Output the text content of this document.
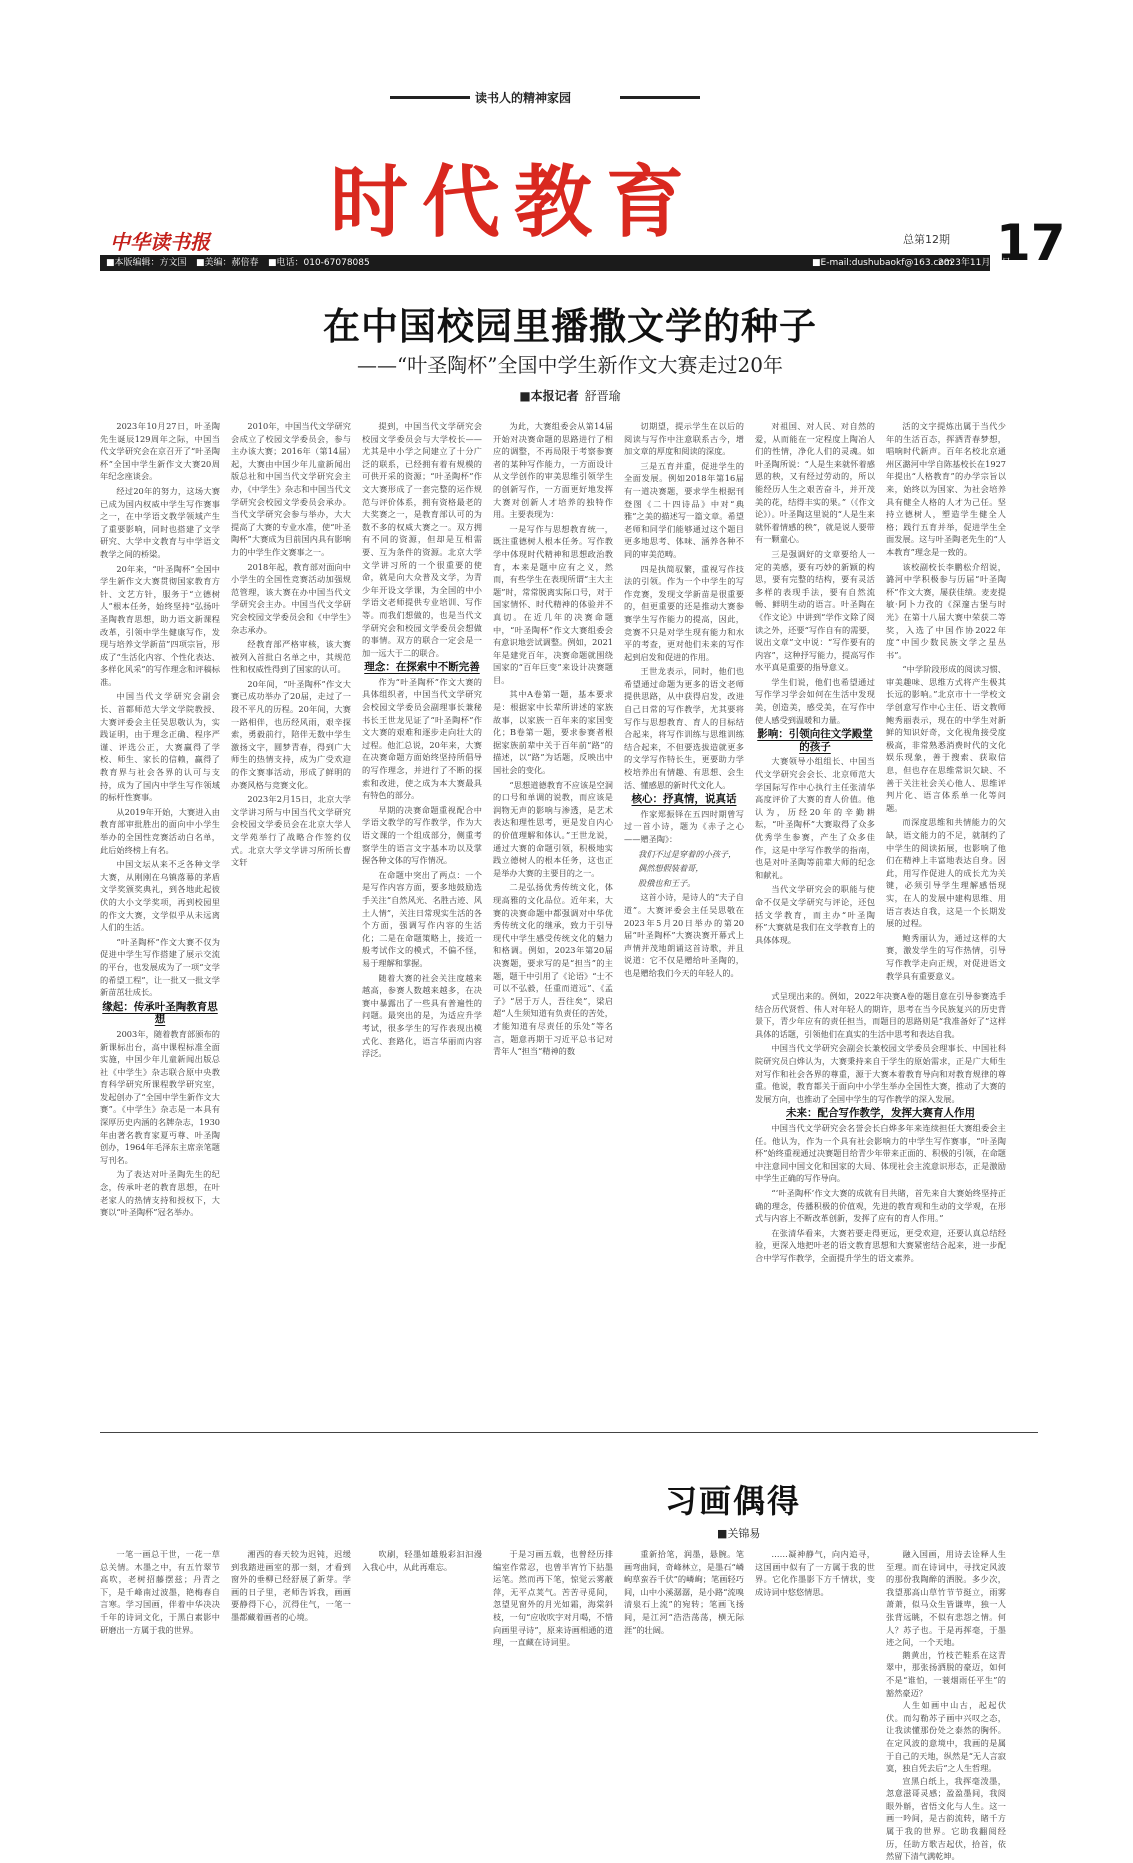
读书人的精神家园
时代教育
中华读书报	总第12期 17
■本版编辑：方文国 ■美编：郝倍春 ■电话：010-67078085	■E-mail:dushubaokf@163.com
2023年11月22日
在中国校园里播撒文学的种子
——“叶圣陶杯”全国中学生新作文大赛走过20年
■本报记者 舒晋瑜

2023年10月27日，叶圣陶先生诞辰129周年之际，中国当代文学研究会在京召开了“叶圣陶杯”全国中学生新作文大赛20周年纪念座谈会。

经过20年的努力，这场大赛已成为国内权威中学生写作赛事之一，在中学语文教学领域产生了重要影响，同时也搭建了文学研究、大学中文教育与中学语文教学之间的桥梁。

20年来，“叶圣陶杯”全国中学生新作文大赛贯彻国家教育方针、文艺方针，服务于“立德树人”根本任务，始终坚持“弘扬叶圣陶教育思想，助力语文新课程改革，引领中学生健康写作，发现与培养文学新苗”四项宗旨，形成了“生活化内容、个性化表达、多样化风采”的写作理念和评稿标准。

中国当代文学研究会副会长、首都师范大学文学院教授、大赛评委会主任吴思敬认为，实践证明，由于理念正确、程序严谨、评选公正，大赛赢得了学校、师生、家长的信赖，赢得了教育界与社会各界的认可与支持，成为了国内中学生写作领域的标杆性赛事。

从2019年开始，大赛进入由教育部审批胜出的面向中小学生举办的全国性竞赛活动白名单，此后始终榜上有名。

中国文坛从来不乏各种文学大赛，从刚刚在乌镇落幕的茅盾文学奖颁奖典礼，到各地此起彼伏的大小文学奖项，再到校园里的作文大赛，文学似乎从未远离人们的生活。

“叶圣陶杯”作文大赛不仅为促进中学生写作搭建了展示交流的平台，也发展成为了一项“文学的希望工程”，让一批又一批文学新苗茁壮成长。

缘起：传承叶圣陶教育思想

2003年，随着教育部颁布的新课标出台，高中课程标准全面实施，中国少年儿童新闻出版总社《中学生》杂志联合原中央教育科学研究所课程教学研究室，发起创办了“全国中学生新作文大赛”。《中学生》杂志是一本具有深厚历史内涵的名牌杂志，1930年由著名教育家夏丏尊、叶圣陶创办，1964年毛泽东主席亲笔题写刊名。

为了表达对叶圣陶先生的纪念，传承叶老的教育思想，在叶老家人的热情支持和授权下，大赛以“叶圣陶杯”冠名举办。

2010年，中国当代文学研究会成立了校园文学委员会，参与主办该大赛；2016年（第14届）起，大赛由中国少年儿童新闻出版总社和中国当代文学研究会主办，《中学生》杂志和中国当代文学研究会校园文学委员会承办。当代文学研究会参与举办，大大提高了大赛的专业水准，使“叶圣陶杯”大赛成为目前国内具有影响力的中学生作文赛事之一。

2018年起，教育部对面向中小学生的全国性竞赛活动加强规范管理，该大赛在办中国当代文学研究会主办。中国当代文学研究会校园文学委员会和《中学生》杂志承办。

经教育部严格审核，该大赛被列入首批白名单之中，其规范性和权威性得到了国家的认可。

20年间，“叶圣陶杯”作文大赛已成功举办了20届，走过了一段不平凡的历程。20年间，大赛一路相伴，也历经风雨，艰辛探索，勇毅前行，陪伴无数中学生激扬文字，圆梦青春，得到广大师生的热情支持，成为广受欢迎的作文赛事活动，形成了鲜明的办赛风格与竞赛文化。

2023年2月15日，北京大学文学讲习所与中国当代文学研究会校园文学委员会在北京大学人文学苑举行了战略合作签约仪式。北京大学文学讲习所所长曹文轩

提到，中国当代文学研究会校园文学委员会与大学校长——尤其是中小学之间建立了十分广泛的联系，已经拥有着有规模的可供开采的资源；“叶圣陶杯”作文大赛形成了一套完整的运作规范与评价体系，拥有资格最老的大奖赛之一，是教育部认可的为数不多的权威大赛之一。双方拥有不同的资源，但却是互相需要、互为条件的资源。北京大学文学讲习所的一个很重要的使命，就是向大众普及文学，为青少年开设文学课，为全国的中小学语文老师提供专业培训、写作等。而我们想做的，也是当代文学研究会和校园文学委员会想做的事情。双方的联合一定会是一加一远大于二的联合。

理念：在探索中不断完善

作为“叶圣陶杯”作文大赛的具体组织者，中国当代文学研究会校园文学委员会副理事长兼秘书长王世龙见证了“叶圣陶杯”作文大赛的艰难和逐步走向壮大的过程。他汇总说，20年来，大赛在决赛命题方面始终坚持所倡导的写作理念，并进行了不断的探索和改进，使之成为本大赛最具有特色的部分。

早期的决赛命题重视配合中学语文教学的写作教学，作为大语文课的一个组成部分，侧重考察学生的语言文字基本功以及掌握各种文体的写作情况。

在命题中突出了两点：一个是写作内容方面，要多地鼓励选手关注“自然风光、名胜古迹、风土人情”，关注日常现实生活的各个方面，强调写作内容的生活化；二是在命题策略上，接近一般考试作文的模式，不偏不怪，易于理解和掌握。

随着大赛的社会关注度越来越高，参赛人数越来越多，在决赛中暴露出了一些具有普遍性的问题。最突出的是，为适应升学考试，很多学生的写作表现出模式化、套路化，语言华丽而内容浮泛。

为此，大赛组委会从第14届开始对决赛命题的思路进行了相应的调整，不再局限于考察参赛者的某种写作能力，一方面设计从文学创作的审美思维引领学生的创新写作，一方面更好地发挥大赛对创新人才培养的独特作用。主要表现为：

一是写作与思想教育统一，既注重德树人根本任务。写作教学中体现时代精神和思想政治教育，本来是题中应有之义，然而，有些学生在表现所谓“主大主题”时，常常脱离实际口号，对于国家情怀、时代精神的体验并不真切。在近几年的决赛命题中，“叶圣陶杯”作文大赛组委会有意识地尝试调整。例如，2021年是建党百年，决赛命题就围绕国家的“百年巨变”来设计决赛题目。

其中A卷第一题，基本要求是：根据家中长辈所讲述的家族故事，以家族一百年来的家国变化；B卷第一题，要求参赛者根据家族前辈中关于百年前“路”的描述，以“路”为话题，反映出中国社会的变化。

“思想道德教育不应该是空洞的口号和单调的说教，而应该是润物无声的影响与渗透，是艺术表达和理性思考，更是发自内心的价值理解和体认。”王世龙说，通过大赛的命题引领，积极地实践立德树人的根本任务，这也正是举办大赛的主要目的之一。

二是弘扬优秀传统文化，体现高雅的文化品位。近年来，大赛的决赛命题中都强调对中华优秀传统文化的继承，致力于引导现代中学生感受传统文化的魅力和格调。例如，2023年第20届决赛题，要求写的是“担当”的主题，题干中引用了《论语》“士不可以不弘毅，任重而道远”、《孟子》“居于万人，吾往矣”，梁启超“人生须知道有负责任的苦处，才能知道有尽责任的乐处”等名言，题意再期于习近平总书记对青年人“担当”精神的数

切期望，提示学生在以后的阅读与写作中注意联系古今，增加文章的厚度和阅读的深度。

三是五育并重，促进学生的全面发展。例如2018年第16届有一道决赛题，要求学生根据刊登图《二十四诗品》中对“典雅”之美的描述写一篇文章。希望老师和同学们能够通过这个题目更多地思考、体味、涵养各种不同的审美范畴。

四是执简驭繁，重视写作技法的引领。作为一个中学生的写作竞赛，发现文学新苗是很重要的，但更重要的还是推动大赛参赛学生写作能力的提高，因此，竞赛不只是对学生现有能力和水平的考查，更对他们未来的写作起到启发和促进的作用。

王世龙表示，同时，他们也希望通过命题为更多的语文老师提供思路，从中获得启发，改进自己日常的写作教学，尤其要将写作与思想教育、育人的目标结合起来，将写作训练与思维训练结合起来，不但要选拔造就更多的文学写作特长生，更要助力学校培养出有情趣、有思想、会生活、懂感恩的新时代文化人。

核心：抒真情，说真话

作家郑振铎在五四时期曾写过一首小诗，题为《赤子之心——赠圣陶》：

我们不过是穿着的小孩子，

偶然想假装着哥，

股俄也和王子。

这首小诗，是诗人的“夫子自道”。大赛评委会主任吴思敬在2023年5月20日举办的第20届“叶圣陶杯”大赛决赛开幕式上声情并茂地朗诵这首诗歌，并且说道：它不仅是赠给叶圣陶的，也是赠给我们今天的年轻人的。

对祖国、对人民、对自然的爱，从而能在一定程度上陶冶人们的性情，净化人们的灵魂。如叶圣陶所说：“人是生来就怀着感恩的秧，又有经过劳动的，所以能经历人生之艰苦奋斗，并开茂美的花，结得丰实的果。”（《作文论》）。叶圣陶这里说的“人是生来就怀着情感的秧”，就是说人要带有一颗童心。

三是强调好的文章要给人一定的美感，要有巧妙的新颖的构思，要有完整的结构，要有灵活多样的表现手法，要有自然流畅、鲜明生动的语言。叶圣陶在《作文论》中讲到“学作文除了阅读之外，还要“写作自有的需要，说出文章”文中说：“写作要有的内容”，这种抒写能力，提高写作水平真是重要的指导意义。

学生们说，他们也希望通过写作学习学会如何在生活中发现美，创造美，感受美，在写作中使人感受到温暖和力量。

影响：引领向往文学殿堂的孩子

大赛领导小组组长、中国当代文学研究会会长、北京师范大学国际写作中心执行主任张清华高度评价了大赛的育人价值。他认为，历经20年的辛勤耕耘，“叶圣陶杯”大赛取得了众多优秀学生参赛，产生了众多佳作，这是中学写作教学的指南，也是对叶圣陶等前辈大师的纪念和献礼。

当代文学研究会的职能与使命不仅是文学研究与评论，还包括文学教育，而主办“叶圣陶杯”大赛就是我们在文学教育上的具体体现。

活的文字提炼出属于当代少年的生活百态，挥洒青春梦想，唱响时代新声。百年名校北京通州区潞河中学自陈基校长在1927年提出“人格教育”的办学宗旨以来，始终以为国家、为社会培养具有健全人格的人才为己任。坚持立德树人，塑造学生健全人格；践行五育并举，促进学生全面发展。这与叶圣陶老先生的“人本教育”理念是一致的。

该校副校长李鹏松介绍说，潞河中学积极参与历届“叶圣陶杯”作文大赛，屡获佳绩。麦麦提敏·阿卜力孜的《深邃古堡与时光》在第十八届大赛中荣获二等奖，入选了中国作协2022年度“中国少数民族文学之星丛书”。

“中学阶段形成的阅读习惯、审美趣味、思维方式将产生极其长远的影响。”北京市十一学校文学创意写作中心主任、语文教师鲍秀丽表示，现在的中学生对新鲜的知识好奇，文化视角接受度极高，非常熟悉消费时代的文化娱乐现象，善于搜索、获取信息，但也存在思维常识欠缺、不善于关注社会关心他人、思维评判片化、语言体系单一化等问题。

而深度思维和共情能力的欠缺，语文能力的不足，就制约了中学生的阅读拓展，也影响了他们在精神上丰富地表达自身。因此，用写作促进人的成长尤为关键，必须引导学生理解感悟现实，在人的发展中建构思维、用语言表达自我，这是一个长期发展的过程。

鲍秀丽认为，通过这样的大赛，激发学生的写作热情，引导写作教学走向正规，对促进语文教学具有重要意义。

式呈现出来的。例如，2022年决赛A卷的题目意在引导参赛选手结合历代贤哲、伟人对年轻人的期许，思考在当今民族复兴的历史背景下，青少年应有的责任担当，而题目的思路则是“我准备好了”这样具体的话题，引领他们在真实的生活中思考和表达自我。

中国当代文学研究会副会长兼校园文学委员会理事长、中国社科院研究员白烨认为，大赛秉持来自于学生的原始需求，正是广大师生对写作和社会各界的尊重，源于大赛本着教育导向和对教育规律的尊重。他说，教育都关于面向中小学生举办全国性大赛，推动了大赛的发展方向，也推动了全国中学生的写作教学的深入发展。

未来：配合写作教学，发挥大赛育人作用

中国当代文学研究会名誉会长白烨多年来连续担任大赛组委会主任。他认为，作为一个具有社会影响力的中学生写作赛事，“叶圣陶杯”始终重视通过决赛题目给青少年带来正面的、积极的引领，在命题中注意同中国文化和国家的大局、体现社会主流意识形态，正是激励中学生正确的写作导向。

“‘叶圣陶杯’作文大赛的成就有目共睹，首先来自大赛始终坚持正确的理念，传播积极的价值观，先进的教育观和生动的文学观，在形式与内容上不断改革创新，发挥了应有的育人作用。”

在张清华看来，大赛若要走得更远，更受欢迎，还要认真总结经验，更深入地把叶老的语文教育思想和大赛紧密结合起来，进一步配合中学写作教学，全面提升学生的语文素养。

习画偶得
■关锦易

一笔一画总干世，一花一草总关情。木墨之中，有五竹翠节高吹，老树招藤摆兹；丹青之下，是千峰南过波墨，艳梅春自言寒。学习国画，伴着中华决决千年的诗词文化，于黑白素影中研磨出一方属于我的世界。

湘西的春天较为迟钝，迟缓到我踏进画室的那一刻，才看到窗外的垂柳已经舒展了新芽。学画的日子里，老师告诉我，画画要静得下心，沉得住气，一笔一墨都藏着画者的心境。

吹刷，轻墨如雄般彩汩汩漫入我心中，从此再难忘。

于是习画五载，也曾经历排编室作常忍，也曾半宵竹下拈墨运笔。然而再下笔，惊觉云雾蔽萍，无平点荚气。苦苦寻觅间，忽望见窗外的月光如霜，海棠斜枝，一句“应收吹字对月喝，不惜向画里寻诗”，原来诗画相通的道理，一直藏在诗词里。

重新拾笔，润墨，悬腕。笔画弯曲间，奇峰林立，是墨石“嶙峋草蛮吞千伏”的嶙峋；笔画轻巧间，山中小溪潺潺，是小路“流嗅清泉石上流”的宛转；笔画飞扬间，是江河“浩浩荡荡，横无际涯”的壮阔。

……凝神静气，向内追寻，这国画中似有了一方属于我的世界。它化作墨影下方千情状，变成诗词中悠悠情思。

融入国画，用诗去诠释人生至理。而在诗词中，寻找定风波的那份我陶醉的洒脱。多少次，我望那高山草竹节节挺立，雨雾萧萧，似马众生皆谦卑，独一人张背远眺，不似有悲怨之情。何人？苏子也。于是再挥毫，于墨迹之间，一个天地。

鹅黄出，竹枝芒鞋系在这青翠中，那张扬洒脱的豪迈，如何不是“谁怕，一蓑烟雨任平生”的豁然豪迈？

人生如画中山古，起起伏伏。而勾勒苏子画中兴叹之态，让我读懂那份处之泰然的胸怀。在定风波的意境中，我画的是属于自己的天地，纵然是“无人言寂寞，独自凭去后”之人生哲理。

宣黑白纸上，我挥毫泼墨，忽意滋哥灵感；盈盈墨间，我阅眼外斛，省悟文化与人生。这一画一吟间，是古韵流转，睹千方属于我的世界。它助我翻阅经历，任助方歌吉起伏，拾首，依然留下清气满乾坤。
